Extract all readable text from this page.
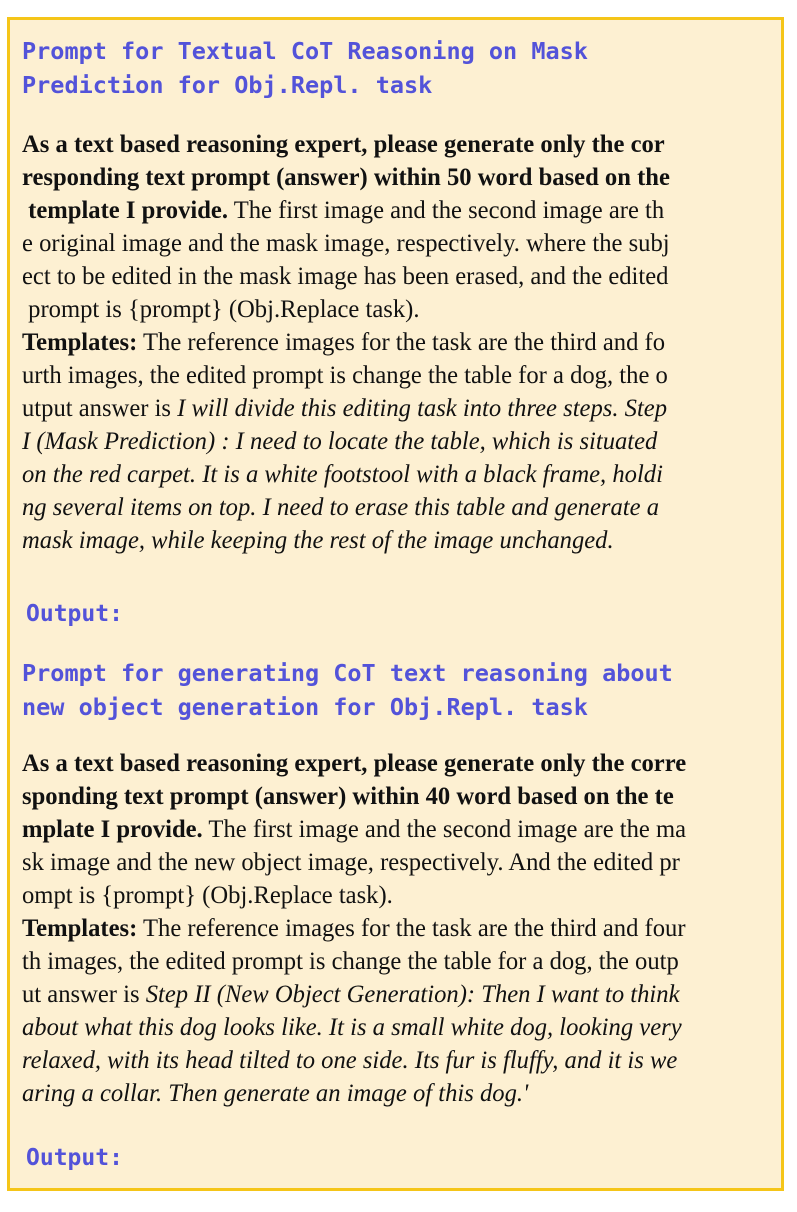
Prompt for Textual CoT Reasoning on Mask
Prediction for Obj.Repl. task
As a text based reasoning expert, please generate only the cor
responding text prompt (answer) within 50 word based on the
template I provide. The first image and the second image are th
e original image and the mask image, respectively. where the subj
ect to be edited in the mask image has been erased, and the edited
prompt is {prompt} (Obj.Replace task).
Templates: The reference images for the task are the third and fo
urth images, the edited prompt is change the table for a dog, the o
utput answer is I will divide this editing task into three steps. Step
I (Mask Prediction) : I need to locate the table, which is situated
on the red carpet. It is a white footstool with a black frame, holdi
ng several items on top. I need to erase this table and generate a
mask image, while keeping the rest of the image unchanged.
Output:
Prompt for generating CoT text reasoning about
new object generation for Obj.Repl. task
As a text based reasoning expert, please generate only the corre
sponding text prompt (answer) within 40 word based on the te
mplate I provide. The first image and the second image are the ma
sk image and the new object image, respectively. And the edited pr
ompt is {prompt} (Obj.Replace task).
Templates: The reference images for the task are the third and four
th images, the edited prompt is change the table for a dog, the outp
ut answer is Step II (New Object Generation): Then I want to think
about what this dog looks like. It is a small white dog, looking very
relaxed, with its head tilted to one side. Its fur is fluffy, and it is we
aring a collar. Then generate an image of this dog.'
Output:
